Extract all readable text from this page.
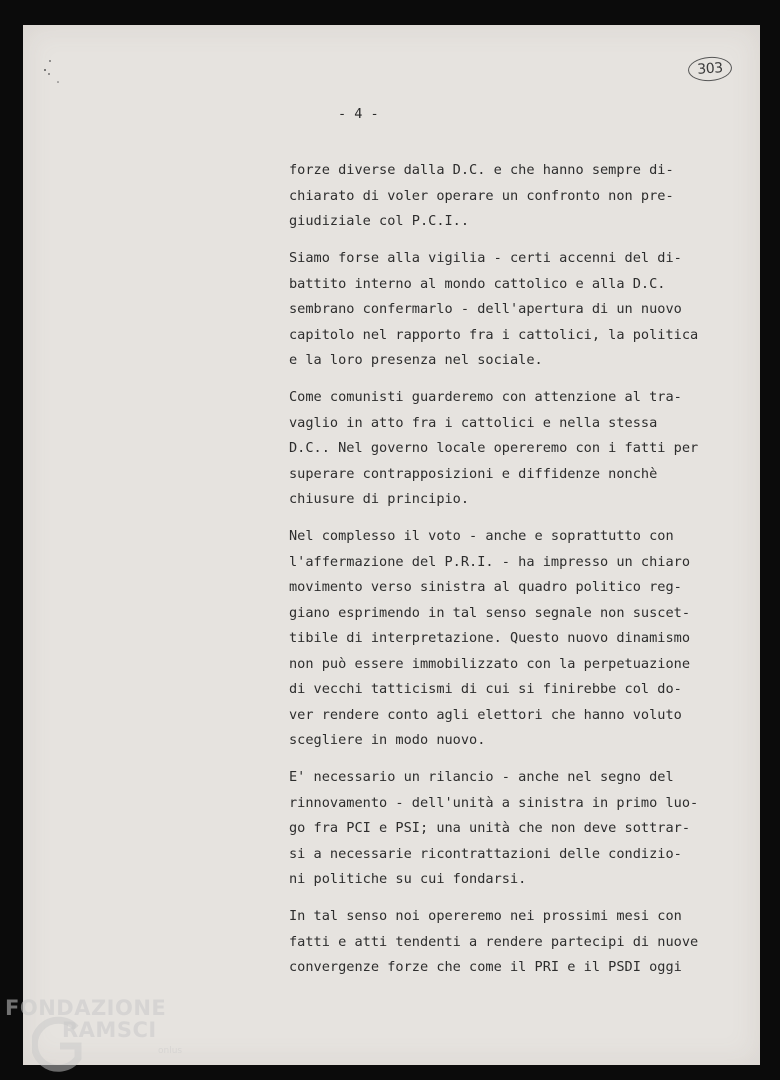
303
- 4 -
forze diverse dalla D.C. e che hanno sempre di-
chiarato di voler operare un confronto non pre-
giudiziale col P.C.I..
Siamo forse alla vigilia - certi accenni del di-
battito interno al mondo cattolico e alla D.C.
sembrano confermarlo - dell'apertura di un nuovo
capitolo nel rapporto fra i cattolici, la politica
e la loro presenza nel sociale.
Come comunisti guarderemo con attenzione al tra-
vaglio in atto fra i cattolici e nella stessa
D.C.. Nel governo locale opereremo con i fatti per
superare contrapposizioni e diffidenze nonchè
chiusure di principio.
Nel complesso il voto - anche e soprattutto con
l'affermazione del P.R.I. - ha impresso un chiaro
movimento verso sinistra al quadro politico reg-
giano esprimendo in tal senso segnale non suscet-
tibile di interpretazione. Questo nuovo dinamismo
non può essere immobilizzato con la perpetuazione
di vecchi tatticismi di cui si finirebbe col do-
ver rendere conto agli elettori che hanno voluto
scegliere in modo nuovo.
E' necessario un rilancio - anche nel segno del
rinnovamento - dell'unità a sinistra in primo luo-
go fra PCI e PSI; una unità che non deve sottrar-
si a necessarie ricontrattazioni delle condizio-
ni politiche su cui fondarsi.
In tal senso noi opereremo nei prossimi mesi con
fatti e atti tendenti a rendere partecipi di nuove
convergenze forze che come il PRI e il PSDI oggi
FONDAZIONE
RAMSCI
onlus
